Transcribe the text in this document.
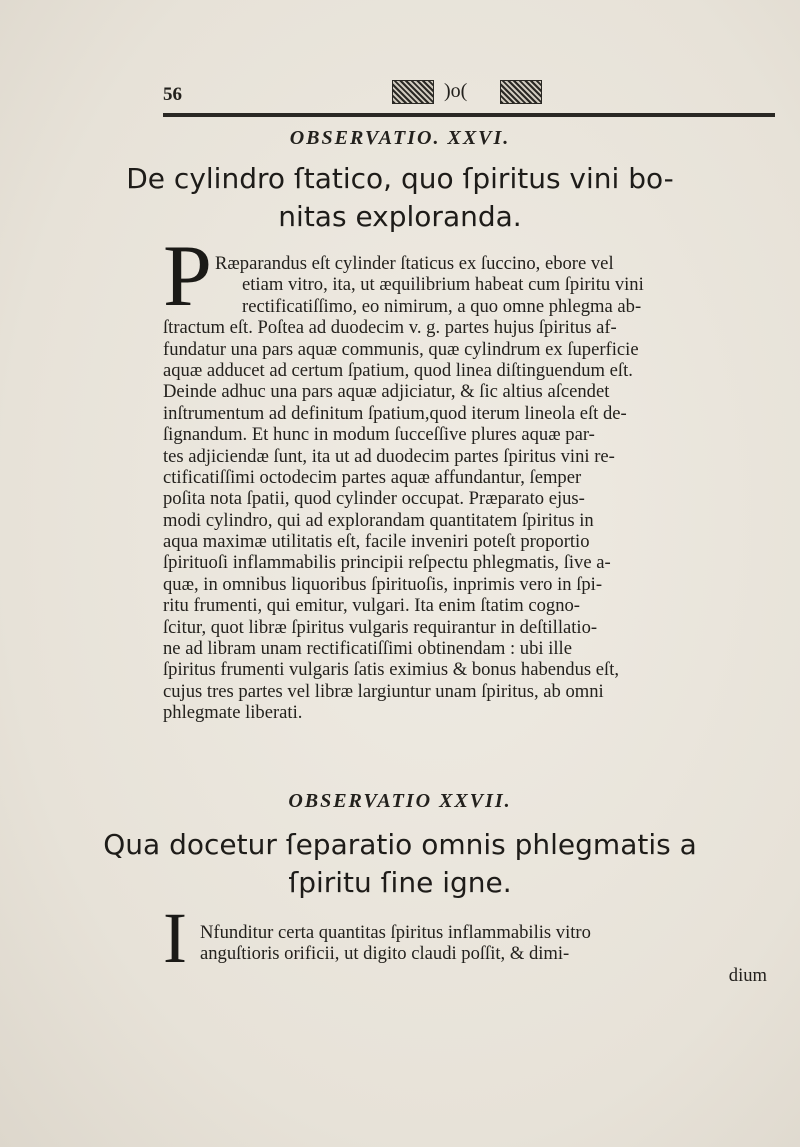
56	)o(
OBSERVATIO. XXVI.
De cylindro ſtatico, quo ſpiritus vini bo-
nitas exploranda.
P Ræparandus eſt cylinder ſtaticus ex ſuccino, ebore vel
etiam vitro, ita, ut æquilibrium habeat cum ſpiritu vini
rectificatiſſimo, eo nimirum, a quo omne phlegma ab-
ſtractum eſt. Poſtea ad duodecim v. g. partes hujus ſpiritus af-
fundatur una pars aquæ communis, quæ cylindrum ex ſuperficie
aquæ adducet ad certum ſpatium, quod linea diſtinguendum eſt.
Deinde adhuc una pars aquæ adjiciatur, & ſic altius aſcendet
inſtrumentum ad definitum ſpatium,quod iterum lineola eſt de-
ſignandum. Et hunc in modum ſucceſſive plures aquæ par-
tes adjiciendæ ſunt, ita ut ad duodecim partes ſpiritus vini re-
ctificatiſſimi octodecim partes aquæ affundantur, ſemper
poſita nota ſpatii, quod cylinder occupat. Præparato ejus-
modi cylindro, qui ad explorandam quantitatem ſpiritus in
aqua maximæ utilitatis eſt, facile inveniri poteſt proportio
ſpirituoſi inflammabilis principii reſpectu phlegmatis, ſive a-
quæ, in omnibus liquoribus ſpirituoſis, inprimis vero in ſpi-
ritu frumenti, qui emitur, vulgari. Ita enim ſtatim cogno-
ſcitur, quot libræ ſpiritus vulgaris requirantur in deſtillatio-
ne ad libram unam rectificatiſſimi obtinendam : ubi ille
ſpiritus frumenti vulgaris ſatis eximius & bonus habendus eſt,
cujus tres partes vel libræ largiuntur unam ſpiritus, ab omni
phlegmate liberati.
OBSERVATIO XXVII.
Qua docetur ſeparatio omnis phlegmatis a
ſpiritu ſine igne.
I Nfunditur certa quantitas ſpiritus inflammabilis vitro
anguſtioris orificii, ut digito claudi poſſit, & dimi-
dium
